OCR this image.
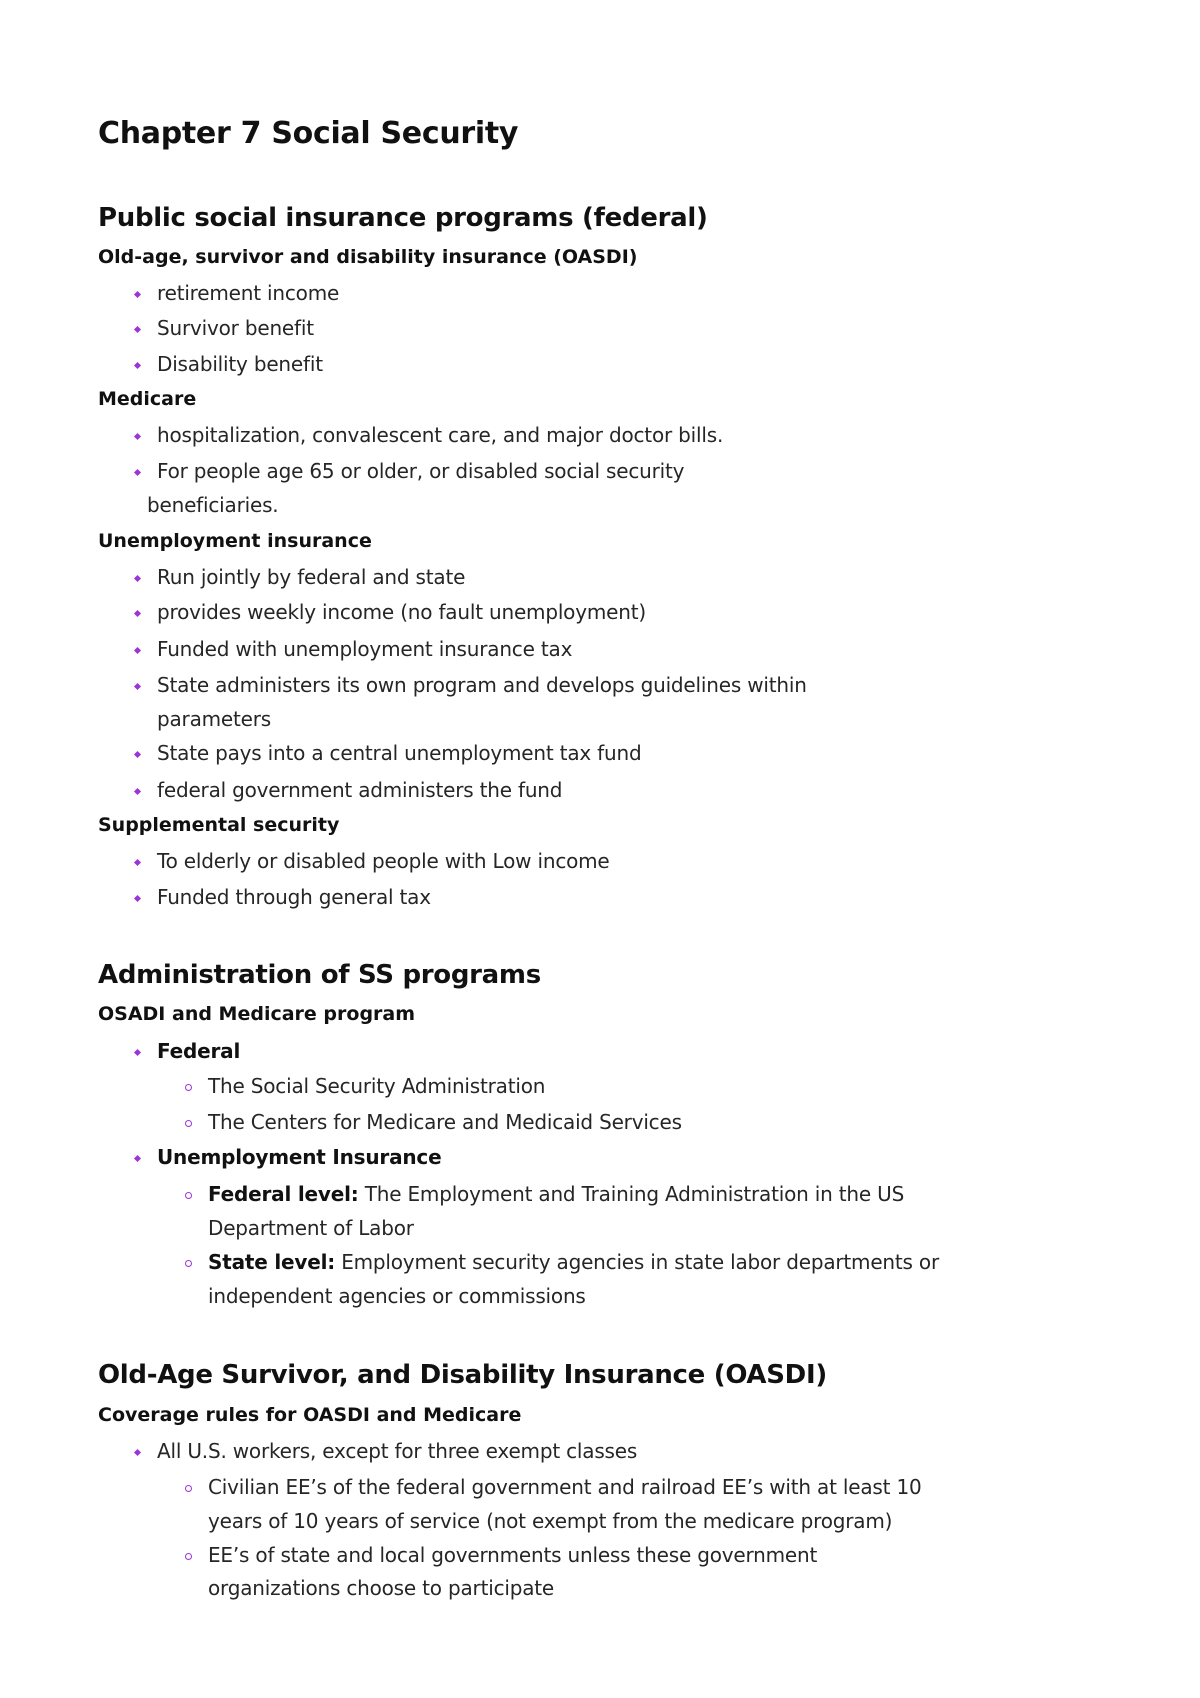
Chapter 7 Social Security
Public social insurance programs (federal)
Old-age, survivor and disability insurance (OASDI)
retirement income
Survivor benefit
Disability benefit
Medicare
hospitalization, convalescent care, and major doctor bills.
For people age 65 or older, or disabled social security
beneficiaries.
Unemployment insurance
Run jointly by federal and state
provides weekly income (no fault unemployment)
Funded with unemployment insurance tax
State administers its own program and develops guidelines within
parameters
State pays into a central unemployment tax fund
federal government administers the fund
Supplemental security
To elderly or disabled people with Low income
Funded through general tax
Administration of SS programs
OSADI and Medicare program
Federal
The Social Security Administration
The Centers for Medicare and Medicaid Services
Unemployment Insurance
Federal level: The Employment and Training Administration in the US
Department of Labor
State level: Employment security agencies in state labor departments or
independent agencies or commissions
Old-Age Survivor, and Disability Insurance (OASDI)
Coverage rules for OASDI and Medicare
All U.S. workers, except for three exempt classes
Civilian EE’s of the federal government and railroad EE’s with at least 10
years of 10 years of service (not exempt from the medicare program)
EE’s of state and local governments unless these government
organizations choose to participate
